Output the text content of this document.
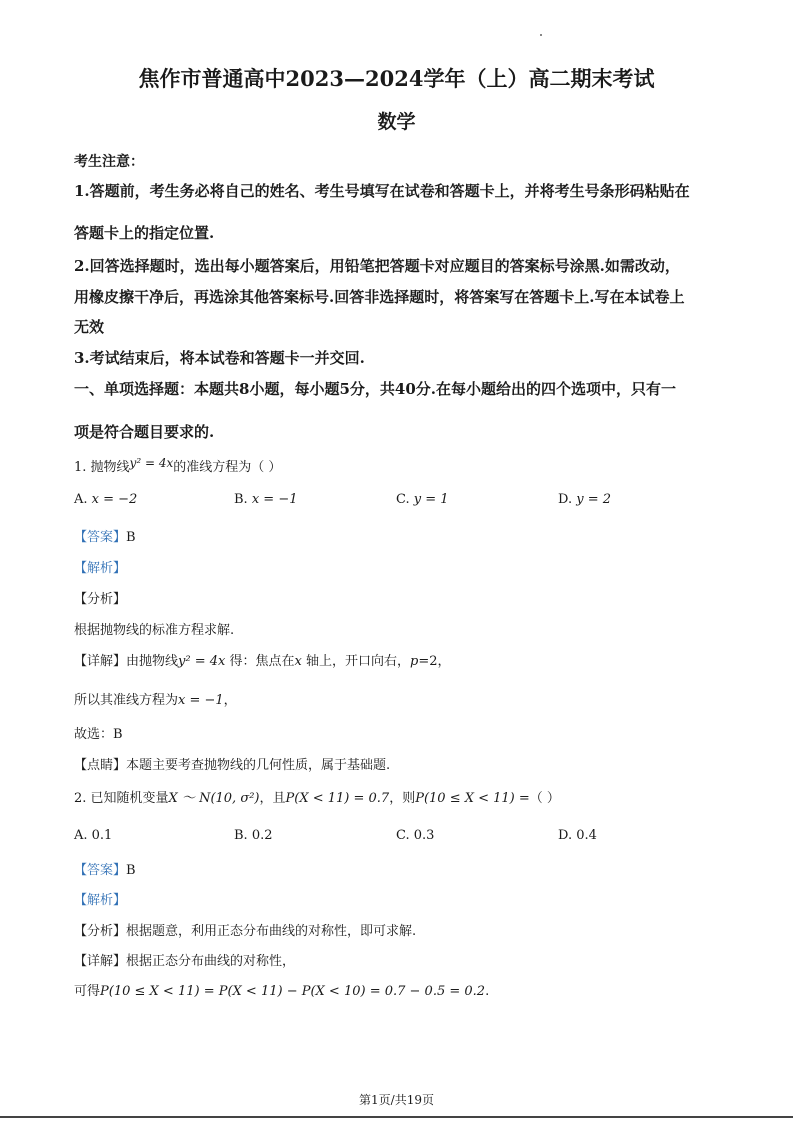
焦作市普通高中2023—2024学年（上）高二期末考试
数学
考生注意：
1.答题前，考生务必将自己的姓名、考生号填写在试卷和答题卡上，并将考生号条形码粘贴在
答题卡上的指定位置.
2.回答选择题时，选出每小题答案后，用铅笔把答题卡对应题目的答案标号涂黑.如需改动，
用橡皮擦干净后，再选涂其他答案标号.回答非选择题时，将答案写在答题卡上.写在本试卷上
无效
3.考试结束后，将本试卷和答题卡一并交回.
一、单项选择题：本题共8小题，每小题5分，共40分.在每小题给出的四个选项中，只有一
项是符合题目要求的.
1. 抛物线y² = 4x的准线方程为（ ）
A. x = −2	B. x = −1	C. y = 1	D. y = 2
【答案】B
【解析】
【分析】
根据抛物线的标准方程求解.
【详解】由抛物线y² = 4x 得：焦点在x 轴上，开口向右，p=2，
所以其准线方程为x = −1，
故选：B
【点睛】本题主要考查抛物线的几何性质，属于基础题.
2. 已知随机变量X ～ N(10, σ²)，且P(X < 11) = 0.7，则P(10 ≤ X < 11) =（ ）
A. 0.1	B. 0.2	C. 0.3	D. 0.4
【答案】B
【解析】
【分析】根据题意，利用正态分布曲线的对称性，即可求解.
【详解】根据正态分布曲线的对称性，
可得P(10 ≤ X < 11) = P(X < 11) − P(X < 10) = 0.7 − 0.5 = 0.2.
第1页/共19页
